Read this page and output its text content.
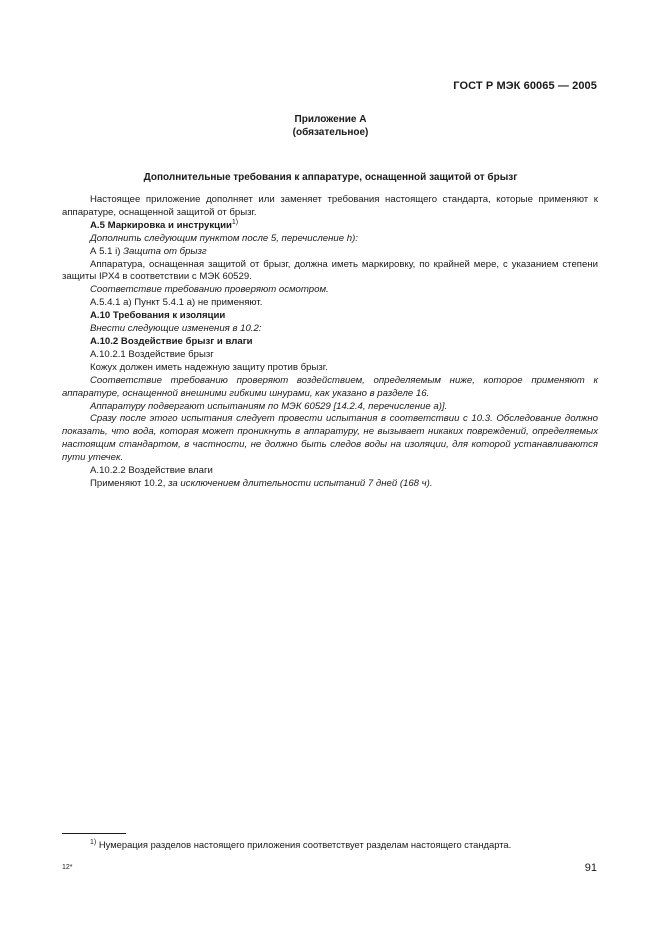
ГОСТ Р МЭК 60065 — 2005
Приложение А
(обязательное)
Дополнительные требования к аппаратуре, оснащенной защитой от брызг

Настоящее приложение дополняет или заменяет требования настоящего стандарта, которые применяют к аппаратуре, оснащенной защитой от брызг.

А.5 Маркировка и инструкции$^{1)}$

Дополнить следующим пунктом после 5, перечисление h):

А 5.1 i) Защита от брызг

Аппаратура, оснащенная защитой от брызг, должна иметь маркировку, по крайней мере, с указанием степени защиты IPX4 в соответствии с МЭК 60529.

Соответствие требованию проверяют осмотром.

А.5.4.1 а) Пункт 5.4.1 а) не применяют.

А.10 Требования к изоляции

Внести следующие изменения в 10.2:

А.10.2 Воздействие брызг и влаги

А.10.2.1 Воздействие брызг

Кожух должен иметь надежную защиту против брызг.

Соответствие требованию проверяют воздействием, определяемым ниже, которое применяют к аппаратуре, оснащенной внешними гибкими шнурами, как указано в разделе 16.

Аппаратуру подвергают испытаниям по МЭК 60529 [14.2.4, перечисление а)].

Сразу после этого испытания следует провести испытания в соответствии с 10.3. Обследование должно показать, что вода, которая может проникнуть в аппаратуру, не вызывает никаких повреждений, определяемых настоящим стандартом, в частности, не должно быть следов воды на изоляции, для которой устанавливаются пути утечек.

А.10.2.2 Воздействие влаги

Применяют 10.2, за исключением длительности испытаний 7 дней (168 ч).

$^{1)}$ Нумерация разделов настоящего приложения соответствует разделам настоящего стандарта.
12*	91
